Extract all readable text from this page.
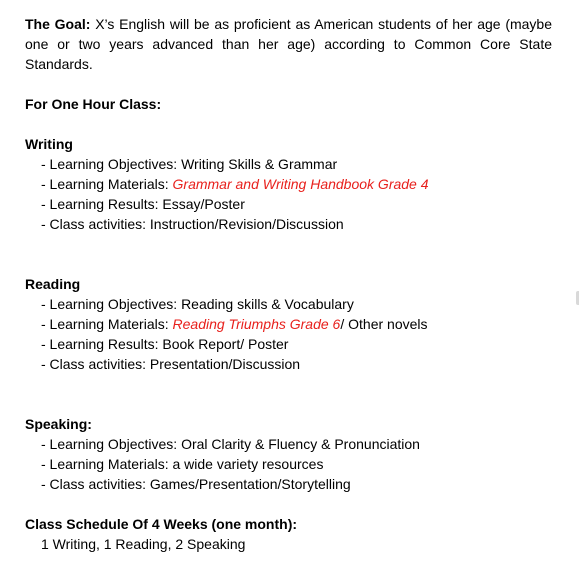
The Goal: X’s English will be as proficient as American students of her age (maybe one or two years advanced than her age) according to Common Core State Standards.

For One Hour Class:
Writing
- Learning Objectives: Writing Skills & Grammar
- Learning Materials: Grammar and Writing Handbook Grade 4
- Learning Results: Essay/Poster
- Class activities: Instruction/Revision/Discussion
Reading
- Learning Objectives: Reading skills & Vocabulary
- Learning Materials: Reading Triumphs Grade 6/ Other novels
- Learning Results: Book Report/ Poster
- Class activities: Presentation/Discussion
Speaking:
- Learning Objectives: Oral Clarity & Fluency & Pronunciation
- Learning Materials: a wide variety resources
- Class activities: Games/Presentation/Storytelling
Class Schedule Of 4 Weeks (one month):
1 Writing, 1 Reading, 2 Speaking
